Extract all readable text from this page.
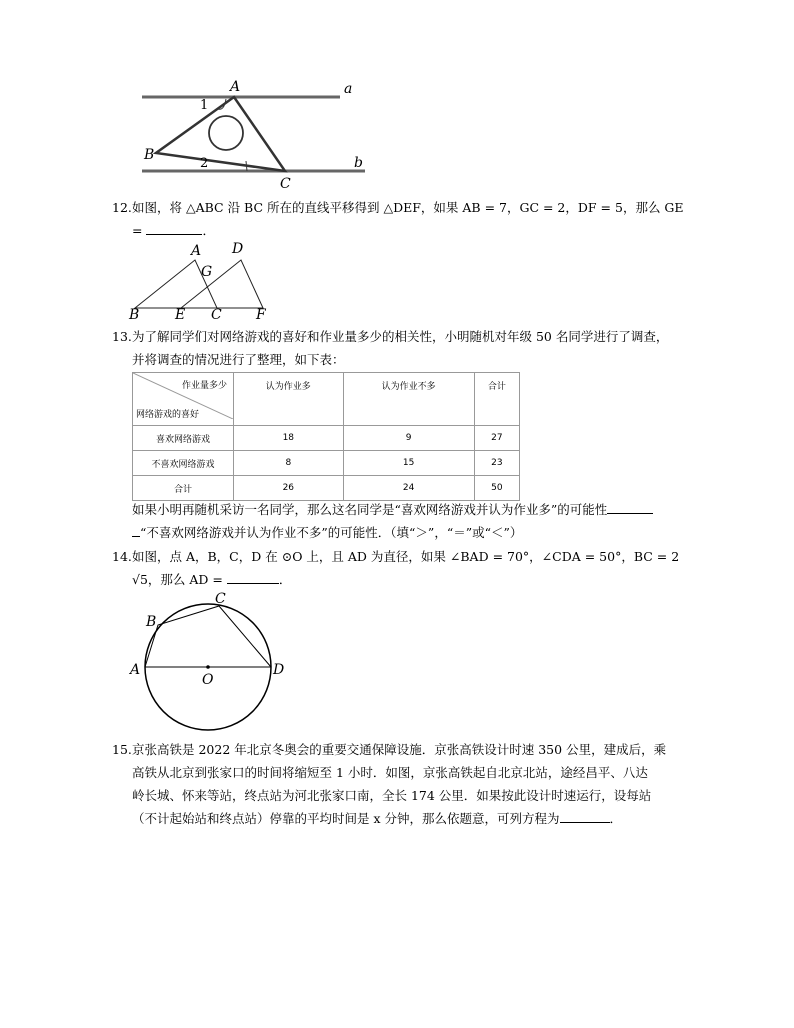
A	a
B
C
b
1
2
12.如图，将 △ABC 沿 BC 所在的直线平移得到 △DEF，如果 AB = 7，GC = 2，DF = 5，那么 GE
=	．
A D
G
B	E C F
13.为了解同学们对网络游戏的喜好和作业量多少的相关性，小明随机对年级 50 名同学进行了调查，
并将调查的情况进行了整理，如下表：
作业量多少
网络游戏的喜好	认为作业多	认为作业不多	合计
喜欢网络游戏	18	9	27
不喜欢网络游戏	8	15	23
合计	26	24	50
如果小明再随机采访一名同学，那么这名同学是“喜欢网络游戏并认为作业多”的可能性
“不喜欢网络游戏并认为作业不多”的可能性．（填“＞”，“＝”或“＜”）
14.如图，点 A，B，C，D 在 ⊙O 上，且 AD 为直径，如果 ∠BAD = 70°，∠CDA = 50°，BC = 2
√5，那么 AD =	．
A
B
C
D
O
15.京张高铁是 2022 年北京冬奥会的重要交通保障设施．京张高铁设计时速 350 公里，建成后，乘
高铁从北京到张家口的时间将缩短至 1 小时．如图，京张高铁起自北京北站，途经昌平、八达
岭长城、怀来等站，终点站为河北张家口南，全长 174 公里．如果按此设计时速运行，设每站
（不计起始站和终点站）停靠的平均时间是 x 分钟，那么依题意，可列方程为	．
